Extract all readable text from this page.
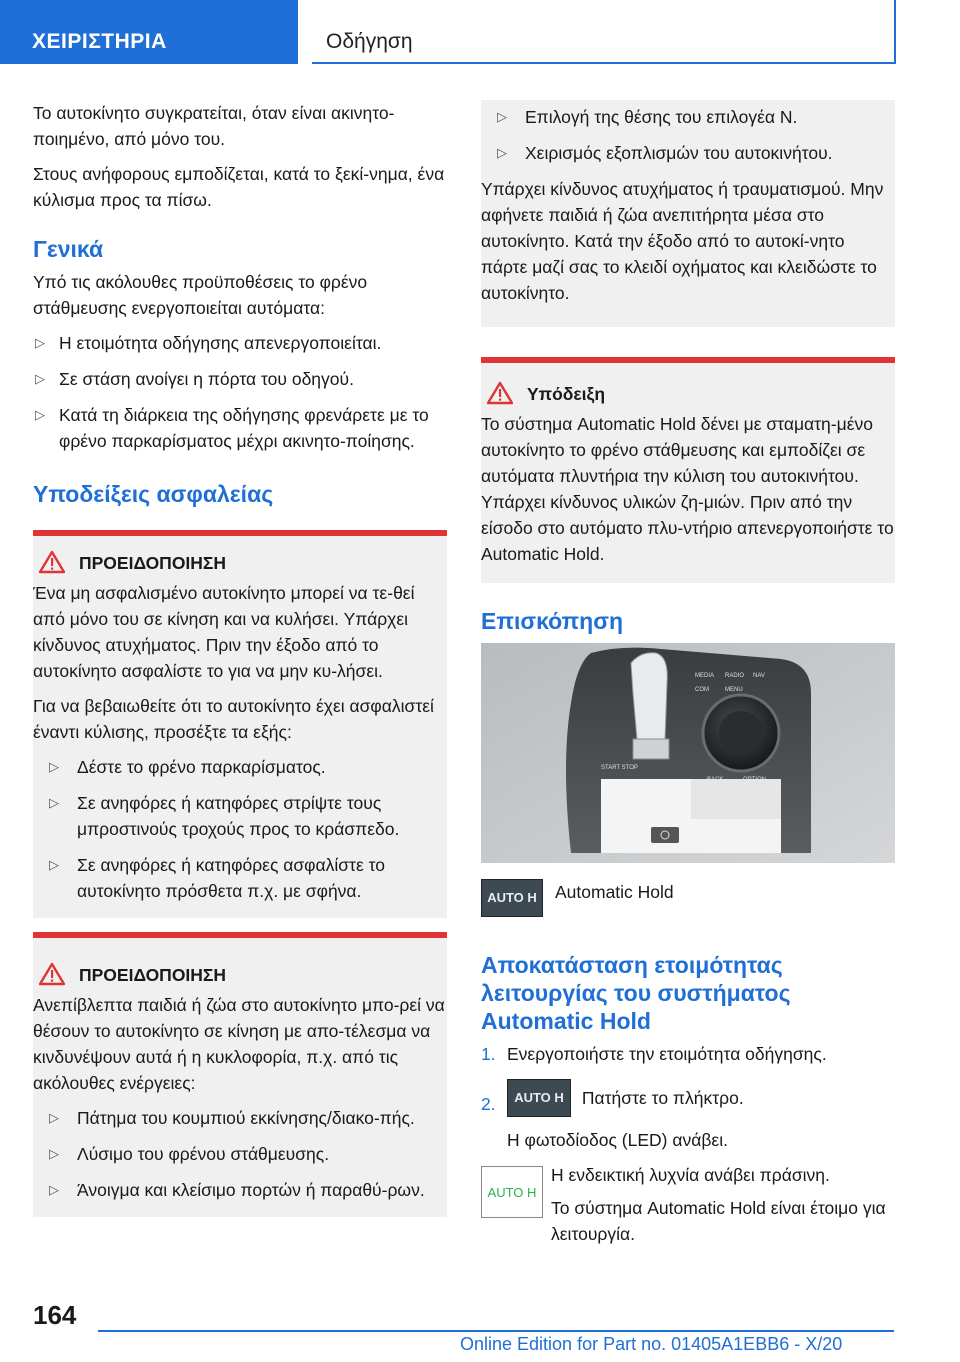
ΧΕΙΡΙΣΤΗΡΙΑ	Οδήγηση

Το αυτοκίνητο συγκρατείται, όταν είναι ακινητο-ποιημένο, από μόνο του.

Στους ανήφορους εμποδίζεται, κατά το ξεκί-νημα, ένα κύλισμα προς τα πίσω.

Γενικά

Υπό τις ακόλουθες προϋποθέσεις το φρένο στάθμευσης ενεργοποιείται αυτόματα:

▷ Η ετοιμότητα οδήγησης απενεργοποιείται.
▷ Σε στάση ανοίγει η πόρτα του οδηγού.
▷ Κατά τη διάρκεια της οδήγησης φρενάρετε με το φρένο παρκαρίσματος μέχρι ακινητο-ποίησης.
Υποδείξεις ασφαλείας
ΠΡΟΕΙΔΟΠΟΙΗΣΗ

Ένα μη ασφαλισμένο αυτοκίνητο μπορεί να τε-θεί από μόνο του σε κίνηση και να κυλήσει. Υπάρχει κίνδυνος ατυχήματος. Πριν την έξοδο από το αυτοκίνητο ασφαλίστε το για να μην κυ-λήσει.

Για να βεβαιωθείτε ότι το αυτοκίνητο έχει ασφαλιστεί έναντι κύλισης, προσέξτε τα εξής:

▷ Δέστε το φρένο παρκαρίσματος.
▷ Σε ανηφόρες ή κατηφόρες στρίψτε τους μπροστινούς τροχούς προς το κράσπεδο.
▷ Σε ανηφόρες ή κατηφόρες ασφαλίστε το αυτοκίνητο πρόσθετα π.χ. με σφήνα.
ΠΡΟΕΙΔΟΠΟΙΗΣΗ

Ανεπίβλεπτα παιδιά ή ζώα στο αυτοκίνητο μπο-ρεί να θέσουν το αυτοκίνητο σε κίνηση με απο-τέλεσμα να κινδυνέψουν αυτά ή η κυκλοφορία, π.χ. από τις ακόλουθες ενέργειες:

▷ Πάτημα του κουμπιού εκκίνησης/διακο-πής.
▷ Λύσιμο του φρένου στάθμευσης.
▷ Άνοιγμα και κλείσιμο πορτών ή παραθύ-ρων.
▷ Επιλογή της θέσης του επιλογέα N.
▷ Χειρισμός εξοπλισμών του αυτοκινήτου.

Υπάρχει κίνδυνος ατυχήματος ή τραυματισμού. Μην αφήνετε παιδιά ή ζώα ανεπιτήρητα μέσα στο αυτοκίνητο. Κατά την έξοδο από το αυτοκί-νητο πάρτε μαζί σας το κλειδί οχήματος και κλειδώστε το αυτοκίνητο.

Υπόδειξη

Το σύστημα Automatic Hold δένει με σταματη-μένο αυτοκίνητο το φρένο στάθμευσης και εμποδίζει σε αυτόματα πλυντήρια την κύλιση του αυτοκινήτου. Υπάρχει κίνδυνος υλικών ζη-μιών. Πριν από την είσοδο στο αυτόματο πλυ-ντήριο απενεργοποιήστε το Automatic Hold.

Επισκόπηση
MEDIA RADIO NAV
COM	MENU
START STOP
AUTO H	Automatic Hold
Αποκατάσταση ετοιμότητας λειτουργίας του συστήματος Automatic Hold
1. Ενεργοποιήστε την ετοιμότητα οδήγησης.
2. AUTO H Πατήστε το πλήκτρο.

Η φωτοδίοδος (LED) ανάβει.

AUTO H

Η ενδεικτική λυχνία ανάβει πράσινη.

Το σύστημα Automatic Hold είναι έτοιμο για λειτουργία.

164
Online Edition for Part no. 01405A1EBB6 - X/20
